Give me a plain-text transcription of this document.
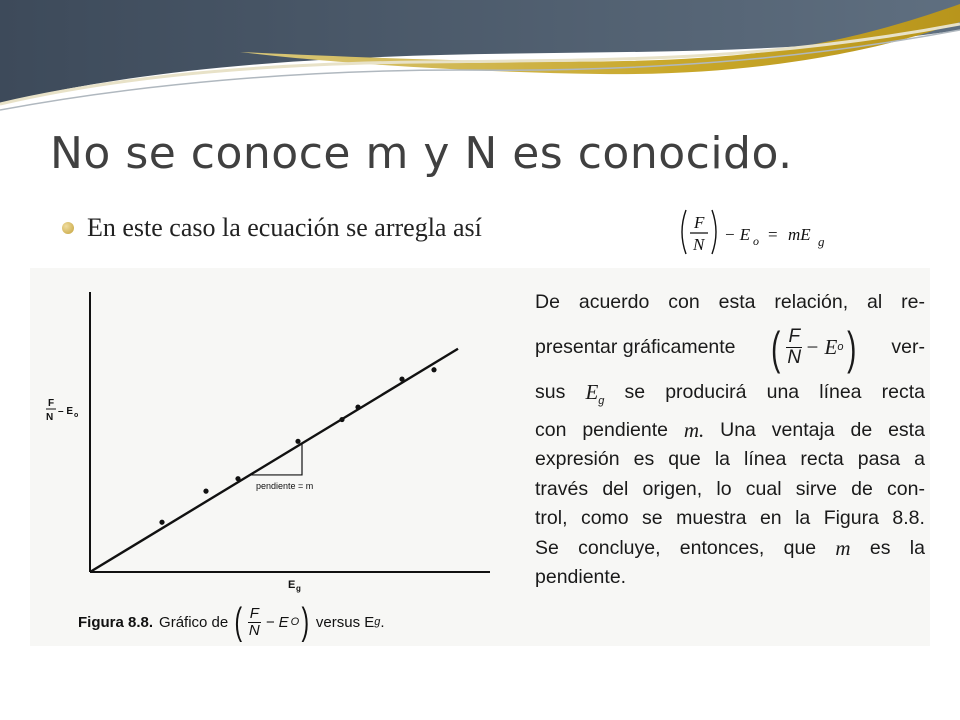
No se conoce m y N es conocido.
En este caso la ecuación se arregla así	F
N
− E o = mE g
pendiente = m
F
N
– E o
E g
Figura 8.8. Gráfico de ( $\frac{F}{N} - E$ O ) versus E g .
De acuerdo con esta relación, al re-
presentar gráficamente ( $\frac{F}{N} - E$ o ) ver-
sus $E_g$ se producirá una línea recta
con pendiente m. Una ventaja de esta
expresión es que la línea recta pasa a
través del origen, lo cual sirve de con-
trol, como se muestra en la Figura 8.8.
Se concluye, entonces, que m es la
pendiente.
